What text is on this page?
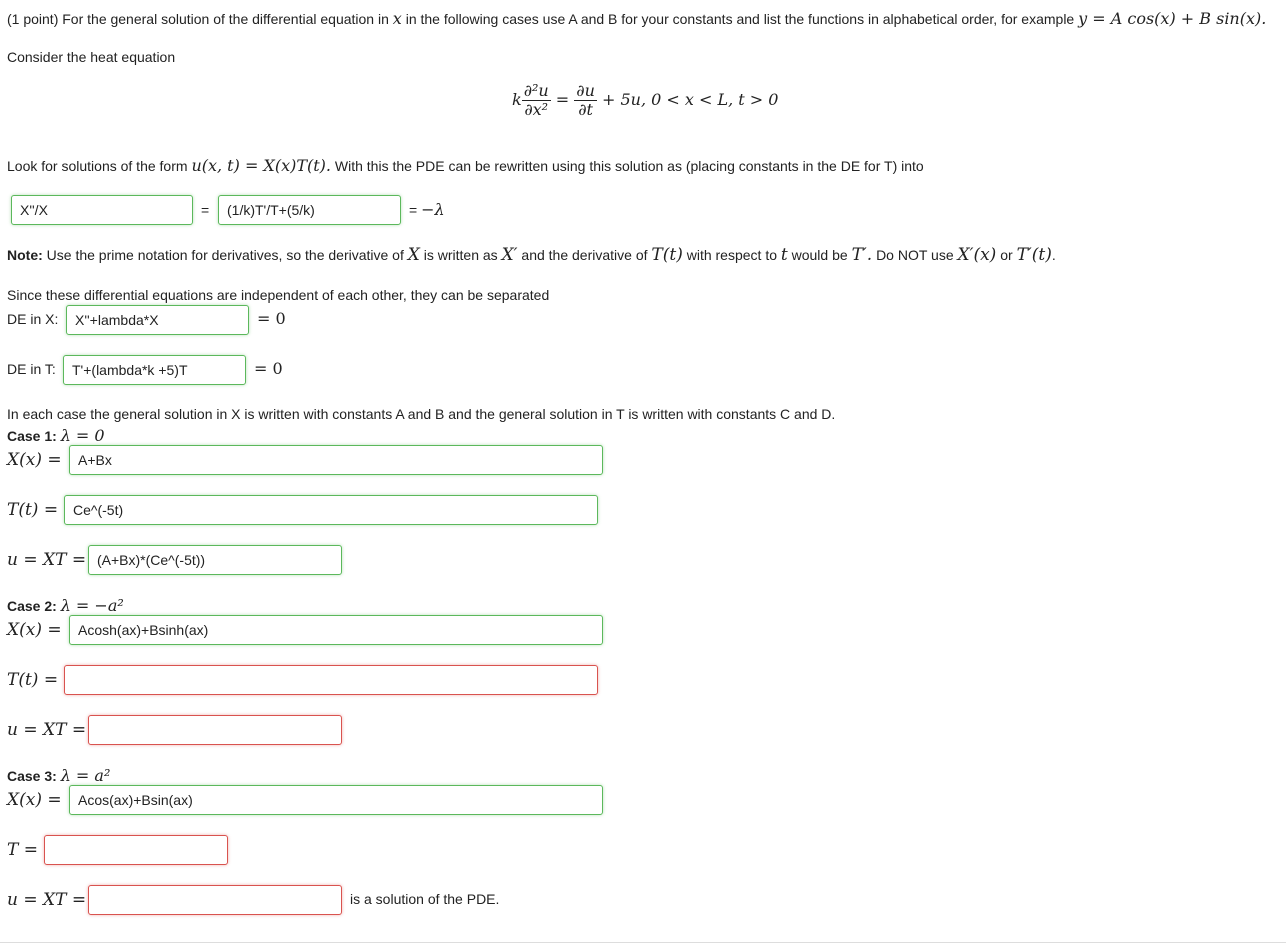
(1 point) For the general solution of the differential equation in x in the following cases use A and B for your constants and list the functions in alphabetical order, for example y = A cos(x) + B sin(x).
Consider the heat equation
k $\frac{\text{∂²u}}{\text{∂x²}} = \frac{\partial u}{\partial t} + 5u$, 0 < x < L, t > 0
Look for solutions of the form u(x, t) = X(x)T(t). With this the PDE can be rewritten using this solution as (placing constants in the DE for T) into
X''/X
=
(1/k)T'/T+(5/k)	= −λ
Note: Use the prime notation for derivatives, so the derivative of X is written as X′ and the derivative of T(t) with respect to t would be T′. Do NOT use X′(x) or T′(t).
Since these differential equations are independent of each other, they can be separated
DE in X:
X''+lambda*X	= 0
DE in T:
T'+(lambda*k +5)T	= 0
In each case the general solution in X is written with constants A and B and the general solution in T is written with constants C and D.
Case 1: λ = 0
X(x) =
A+Bx
T(t) =
Ce^(-5t)
u = XT =
(A+Bx)*(Ce^(-5t))
Case 2: λ = −a²
X(x) =
Acosh(ax)+Bsinh(ax)
T(t) =
u = XT =
Case 3: λ = a²
X(x) =
Acos(ax)+Bsin(ax)
T =
u = XT =	is a solution of the PDE.
